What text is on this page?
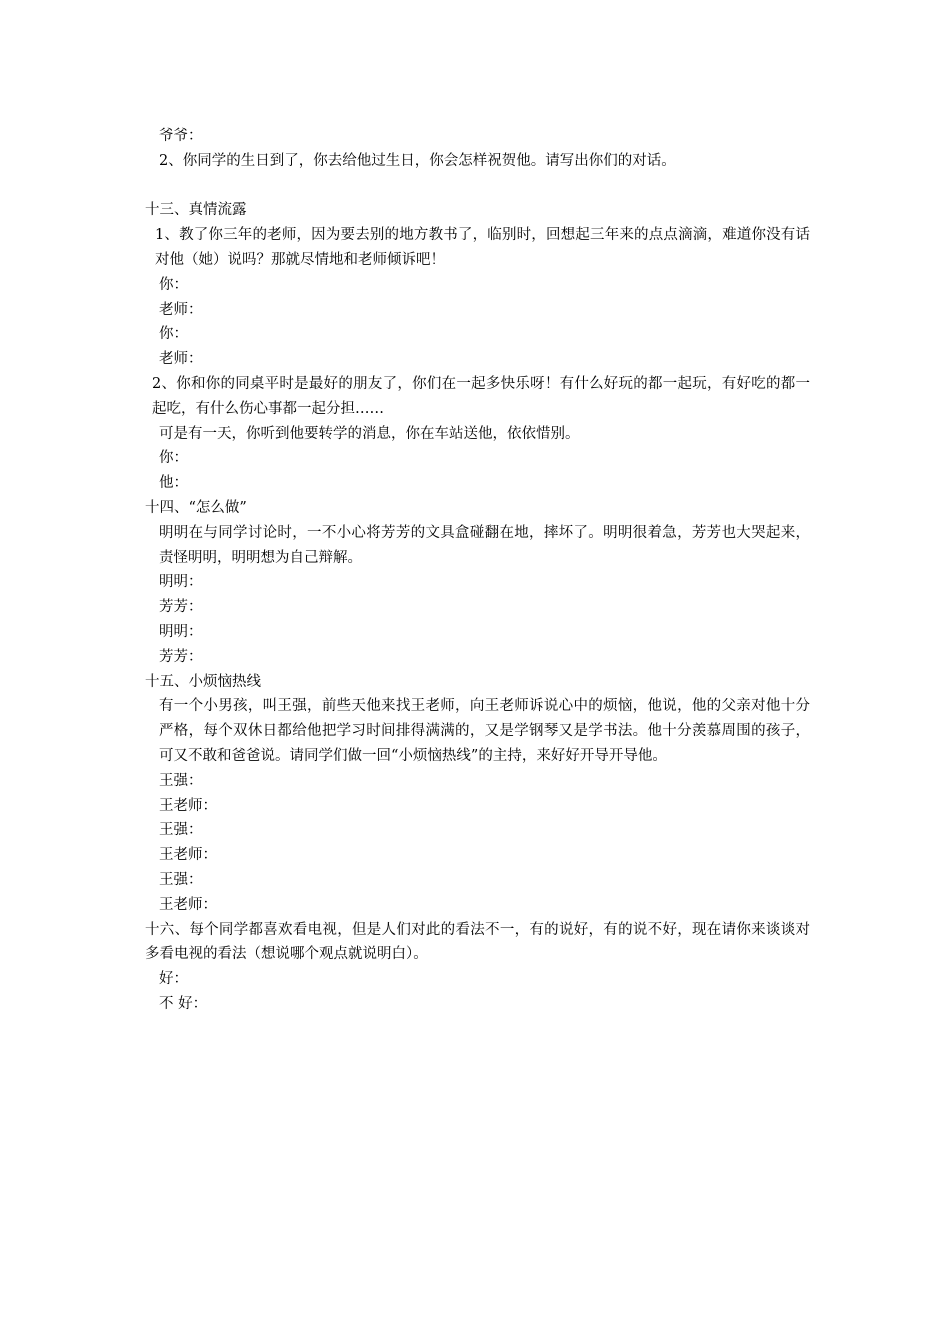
爷爷：

2、你同学的生日到了，你去给他过生日，你会怎样祝贺他。请写出你们的对话。

十三、真情流露

1、教了你三年的老师，因为要去别的地方教书了，临别时，回想起三年来的点点滴滴，难道你没有话对他（她）说吗？那就尽情地和老师倾诉吧！

你：

老师：

你：

老师：

2、你和你的同桌平时是最好的朋友了，你们在一起多快乐呀！有什么好玩的都一起玩，有好吃的都一起吃，有什么伤心事都一起分担……

可是有一天，你听到他要转学的消息，你在车站送他，依依惜别。

你：

他：

十四、“怎么做”

明明在与同学讨论时，一不小心将芳芳的文具盒碰翻在地，摔坏了。明明很着急，芳芳也大哭起来，责怪明明，明明想为自己辩解。

明明：

芳芳：

明明：

芳芳：

十五、小烦恼热线

有一个小男孩，叫王强，前些天他来找王老师，向王老师诉说心中的烦恼，他说，他的父亲对他十分严格，每个双休日都给他把学习时间排得满满的，又是学钢琴又是学书法。他十分羡慕周围的孩子，可又不敢和爸爸说。请同学们做一回“小烦恼热线”的主持，来好好开导开导他。

王强：

王老师：

王强：

王老师：

王强：

王老师：

十六、每个同学都喜欢看电视，但是人们对此的看法不一，有的说好，有的说不好，现在请你来谈谈对多看电视的看法（想说哪个观点就说明白）。

好：

不 好：
